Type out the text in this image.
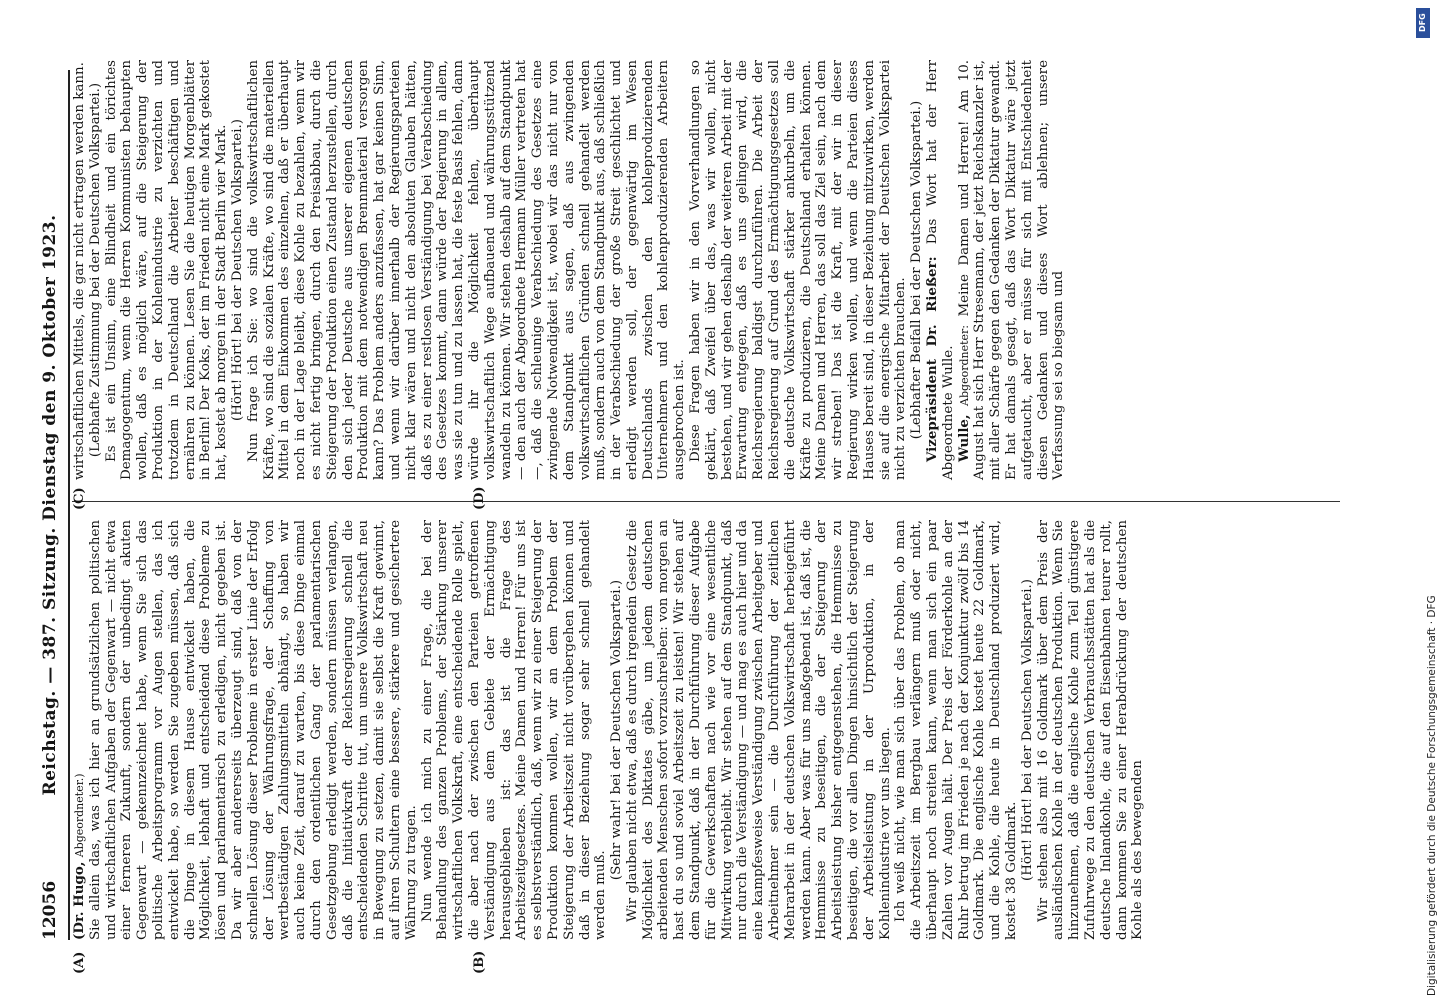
12056
Reichstag. — 387. Sitzung. Dienstag den 9. Oktober 1923.
(A)	(B)

(Dr. Hugo, Abgeordneter.) Sie allein das, was ich hier an grundsätzlichen politischen und wirtschaftlichen Aufgaben der Gegenwart — nicht etwa einer ferneren Zukunft, sondern der unbedingt akuten Gegenwart — gekennzeichnet habe, wenn Sie sich das politische Arbeitsprogramm vor Augen stellen, das ich entwickelt habe, so werden Sie zugeben müssen, daß sich die Dinge in diesem Hause entwickelt haben, die Möglichkeit, lebhaft und entscheidend diese Probleme zu lösen und parlamentarisch zu erledigen, nicht gegeben ist. Da wir aber andererseits überzeugt sind, daß von der schnellen Lösung dieser Probleme in erster Linie der Erfolg der Lösung der Währungsfrage, der Schaffung von wertbeständigen Zahlungsmitteln abhängt, so haben wir auch keine Zeit, darauf zu warten, bis diese Dinge einmal durch den ordentlichen Gang der parlamentarischen Gesetzgebung erledigt werden, sondern müssen verlangen, daß die Initiativkraft der Reichsregierung schnell die entscheidenden Schritte tut, um unsere Volkswirtschaft neu in Bewegung zu setzen, damit sie selbst die Kraft gewinnt, auf ihren Schultern eine bessere, stärkere und gesichertere Währung zu tragen. Nun wende ich mich zu einer Frage, die bei der Behandlung des ganzen Problems, der Stärkung unserer wirtschaftlichen Volkskraft, eine entscheidende Rolle spielt, die aber nach der zwischen den Parteien getroffenen Verständigung aus dem Gebiete der Ermächtigung herausgeblieben ist: das ist die Frage des Arbeitszeitgesetzes. Meine Damen und Herren! Für uns ist es selbstverständlich, daß, wenn wir zu einer Steigerung der Produktion kommen wollen, wir an dem Problem der Steigerung der Arbeitszeit nicht vorübergehen können und daß in dieser Beziehung sogar sehr schnell gehandelt werden muß.

(Sehr wahr! bei der Deutschen Volkspartei.) Wir glauben nicht etwa, daß es durch irgendein Gesetz die Möglichkeit des Diktates gäbe, um jedem deutschen arbeitenden Menschen sofort vorzuschreiben: von morgen an hast du so und soviel Arbeitszeit zu leisten! Wir stehen auf dem Standpunkt, daß in der Durchführung dieser Aufgabe für die Gewerkschaften nach wie vor eine wesentliche Mitwirkung verbleibt. Wir stehen auf dem Standpunkt, daß nur durch die Verständigung — und mag es auch hier und da eine kampfesweise Verständigung zwischen Arbeitgeber und Arbeitnehmer sein — die Durchführung der zeitlichen Mehrarbeit in der deutschen Volkswirtschaft herbeigeführt werden kann. Aber was für uns maßgebend ist, daß ist, die Hemmnisse zu beseitigen, die der Steigerung der Arbeitsleistung bisher entgegenstehen, die Hemmnisse zu beseitigen, die vor allen Dingen hinsichtlich der Steigerung der Arbeitsleistung in der Urproduktion, in der Kohlenindustrie vor uns liegen. Ich weiß nicht, wie man sich über das Problem, ob man die Arbeitszeit im Bergbau verlängern muß oder nicht, überhaupt noch streiten kann, wenn man sich ein paar Zahlen vor Augen hält. Der Preis der Förderkohle an der Ruhr betrug im Frieden je nach der Konjunktur zwölf bis 14 Goldmark. Die englische Kohle kostet heute 22 Goldmark, und die Kohle, die heute in Deutschland produziert wird, kostet 38 Goldmark. (Hört! Hört! bei der Deutschen Volkspartei.) Wir stehen also mit 16 Goldmark über dem Preis der ausländischen Kohle in der deutschen Produktion. Wenn Sie hinzunehmen, daß die englische Kohle zum Teil günstigere Zufuhrwege zu den deutschen Verbrauchsstätten hat als die deutsche Inlandkohle, die auf den Eisenbahnen teurer rollt, dann kommen Sie zu einer Herabdrückung der deutschen Kohle als des bewegenden

(C)	(D)

wirtschaftlichen Mittels, die gar nicht ertragen werden kann. (Lebhafte Zustimmung bei der Deutschen Volkspartei.) Es ist ein Unsinn, eine Blindheit und ein törichtes Demagogentum, wenn die Herren Kommunisten behaupten wollen, daß es möglich wäre, auf die Steigerung der Produktion in der Kohlenindustrie zu verzichten und trotzdem in Deutschland die Arbeiter beschäftigen und ernähren zu können. Lesen Sie die heutigen Morgenblätter in Berlin! Der Koks, der im Frieden nicht eine Mark gekostet hat, kostet ab morgen in der Stadt Berlin vier Mark. (Hört! Hört! bei der Deutschen Volkspartei.) Nun frage ich Sie: wo sind die volkswirtschaftlichen Kräfte, wo sind die sozialen Kräfte, wo sind die materiellen Mittel in dem Einkommen des einzelnen, daß er überhaupt noch in der Lage bleibt, diese Kohle zu bezahlen, wenn wir es nicht fertig bringen, durch den Preisabbau, durch die Steigerung der Produktion einen Zustand herzustellen, durch den sich jeder Deutsche aus unserer eigenen deutschen Produktion mit dem notwendigen Brennmaterial versorgen kann? Das Problem anders anzufassen, hat gar keinen Sinn, und wenn wir darüber innerhalb der Regierungsparteien nicht klar wären und nicht den absoluten Glauben hätten, daß es zu einer restlosen Verständigung bei Verabschiedung des Gesetzes kommt, dann würde der Regierung in allem, was sie zu tun und zu lassen hat, die feste Basis fehlen, dann würde ihr die Möglichkeit fehlen, überhaupt volkswirtschaftlich Wege aufbauend und währungsstützend wandeln zu können. Wir stehen deshalb auf dem Standpunkt — den auch der Abgeordnete Hermann Müller vertreten hat —, daß die schleunige Verabschiedung des Gesetzes eine zwingende Notwendigkeit ist, wobei wir das nicht nur von dem Standpunkt aus sagen, daß aus zwingenden volkswirtschaftlichen Gründen schnell gehandelt werden muß, sondern auch von dem Standpunkt aus, daß schließlich in der Verabschiedung der große Streit geschlichtet und erledigt werden soll, der gegenwärtig im Wesen Deutschlands zwischen den kohleproduzierenden Unternehmern und den kohlenproduzierenden Arbeitern ausgebrochen ist. Diese Fragen haben wir in den Vorverhandlungen so geklärt, daß Zweifel über das, was wir wollen, nicht bestehen, und wir gehen deshalb der weiteren Arbeit mit der Erwartung entgegen, daß es uns gelingen wird, die Reichsregierung baldigst durchzuführen. Die Arbeit der Reichsregierung auf Grund des Ermächtigungsgesetzes soll die deutsche Volkswirtschaft stärker ankurbeln, um die Kräfte zu produzieren, die Deutschland erhalten können. Meine Damen und Herren, das soll das Ziel sein, nach dem wir streben! Das ist die Kraft, mit der wir in dieser Regierung wirken wollen, und wenn die Parteien dieses Hauses bereit sind, in dieser Beziehung mitzuwirken, werden sie auf die energische Mitarbeit der Deutschen Volkspartei nicht zu verzichten brauchen. (Lebhafter Beifall bei der Deutschen Volkspartei.) Vizepräsident Dr. Rießer: Das Wort hat der Herr Abgeordnete Wulle. Wulle, Abgeordneter: Meine Damen und Herren! Am 10. August hat sich Herr Stresemann, der jetzt Reichskanzler ist, mit aller Schärfe gegen den Gedanken der Diktatur gewandt. Er hat damals gesagt, daß das Wort Diktatur wäre jetzt aufgetaucht, aber er müsse für sich mit Entschiedenheit diesen Gedanken und dieses Wort ablehnen; unsere Verfassung sei so biegsam und

Digitalisierung gefördert durch die Deutsche Forschungsgemeinschaft · DFG
DFG
